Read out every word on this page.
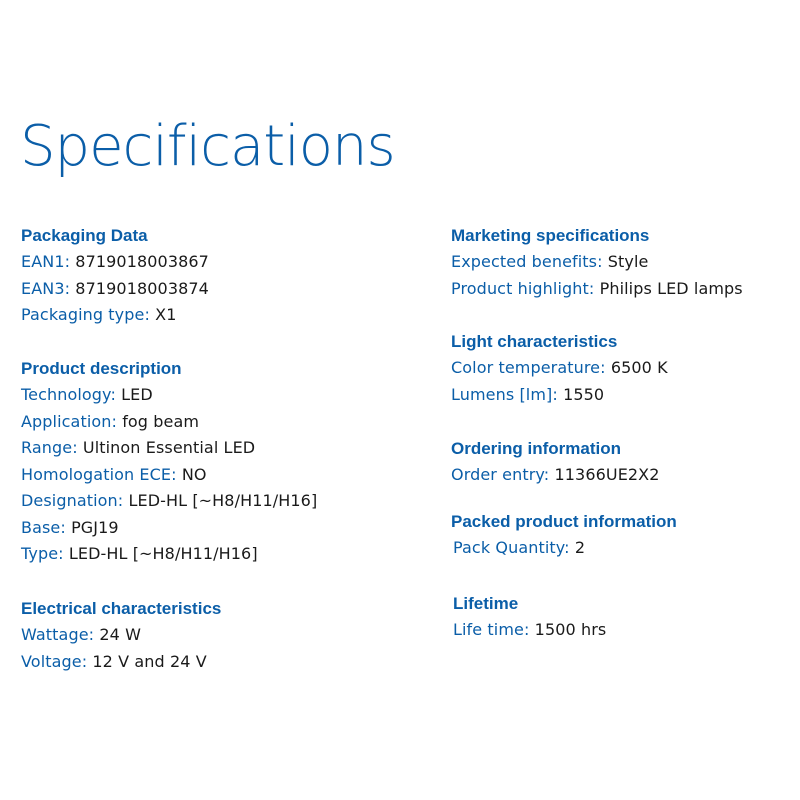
Specifications
Packaging Data
EAN1: 8719018003867
EAN3: 8719018003874
Packaging type: X1
Product description
Technology: LED
Application: fog beam
Range: Ultinon Essential LED
Homologation ECE: NO
Designation: LED-HL [~H8/H11/H16]
Base: PGJ19
Type: LED-HL [~H8/H11/H16]
Electrical characteristics
Wattage: 24 W
Voltage: 12 V and 24 V
Marketing specifications
Expected benefits: Style
Product highlight: Philips LED lamps
Light characteristics
Color temperature: 6500 K
Lumens [lm]: 1550
Ordering information
Order entry: 11366UE2X2
Packed product information
Pack Quantity: 2
Lifetime
Life time: 1500 hrs
